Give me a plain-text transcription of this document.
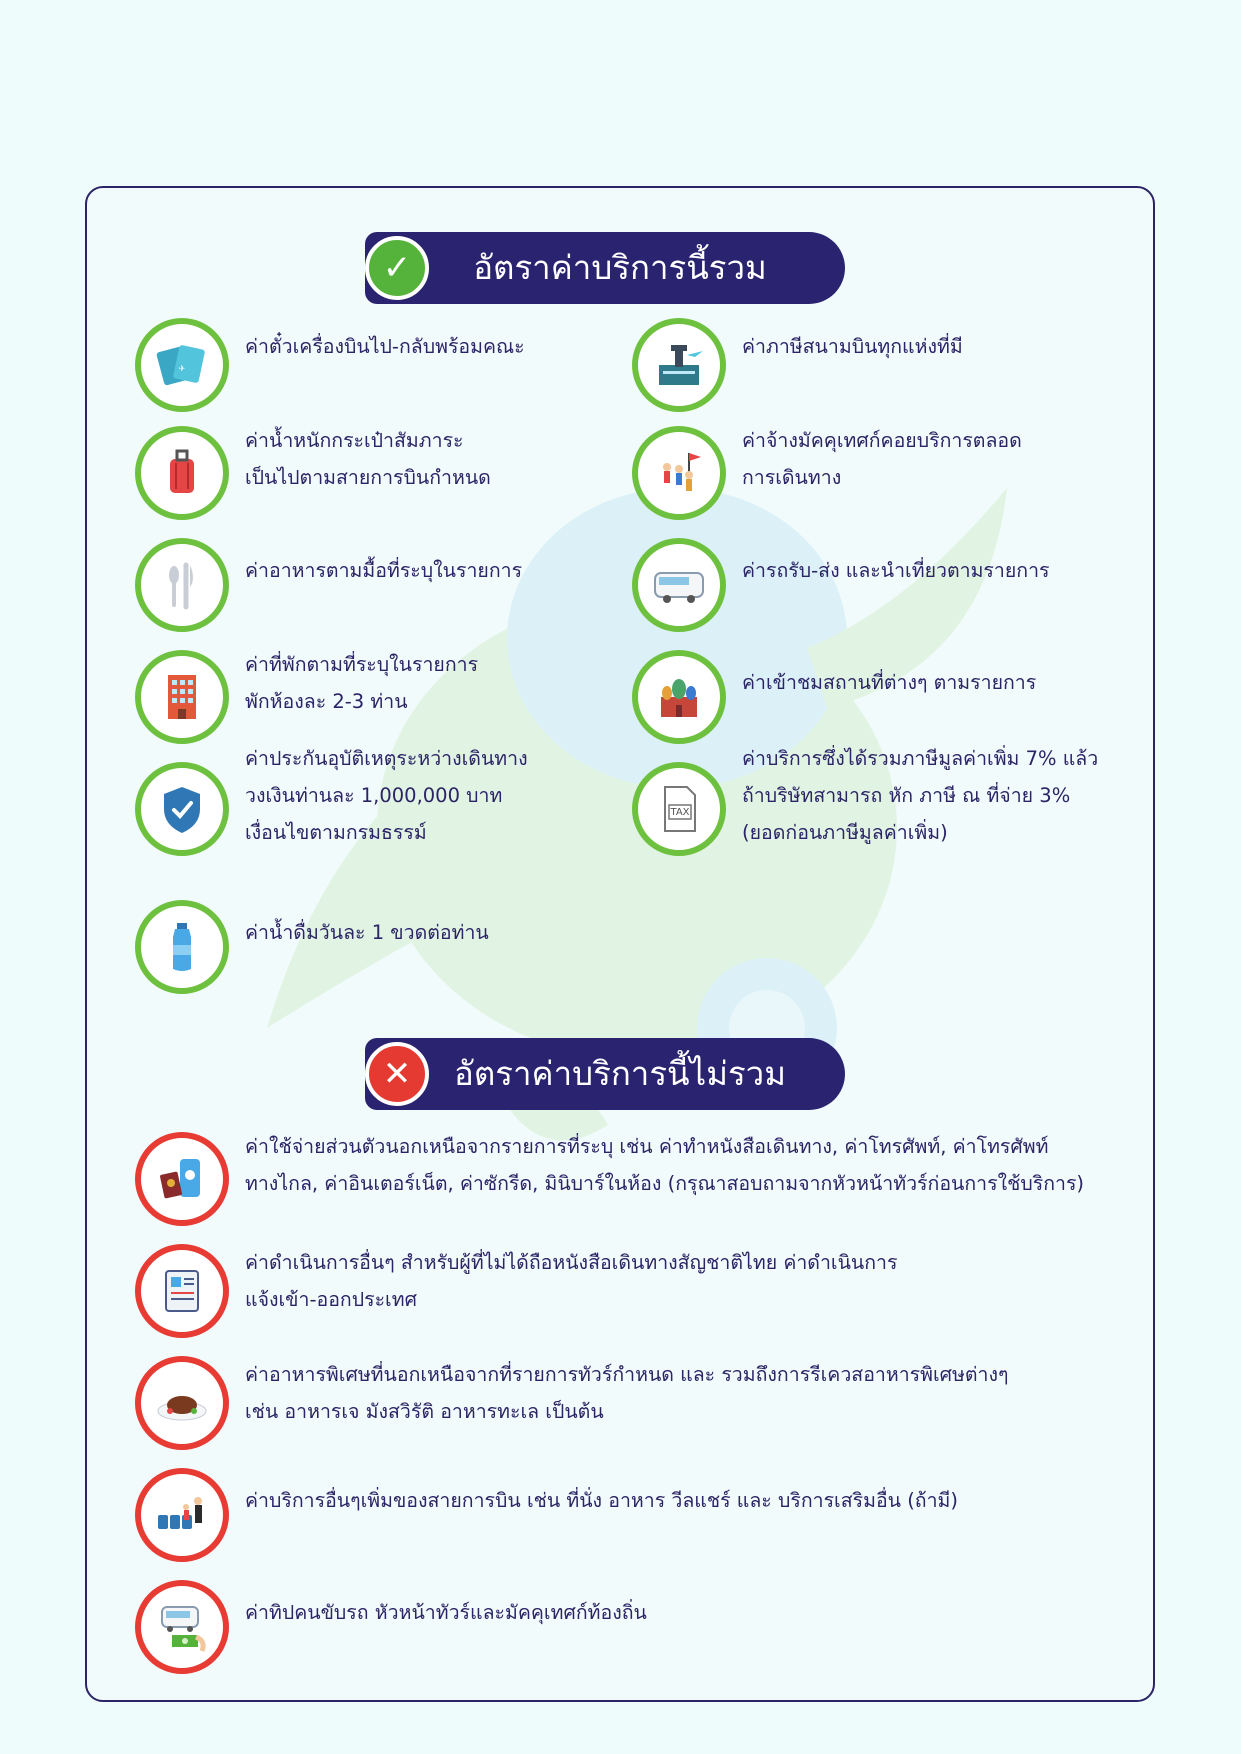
อัตราค่าบริการนี้รวม
✓
✈
ค่าตั๋วเครื่องบินไป-กลับพร้อมคณะ	ค่าภาษีสนามบินทุกแห่งที่มี
ค่าน้ำหนักกระเป๋าสัมภาระ
เป็นไปตามสายการบินกำหนด
ค่าจ้างมัคคุเทศก์คอยบริการตลอด
การเดินทาง
ค่าอาหารตามมื้อที่ระบุในรายการ	ค่ารถรับ-ส่ง และนำเที่ยวตามรายการ
ค่าที่พักตามที่ระบุในรายการ
พักห้องละ 2-3 ท่าน
ค่าเข้าชมสถานที่ต่างๆ ตามรายการ
ค่าประกันอุบัติเหตุระหว่างเดินทาง
วงเงินท่านละ 1,000,000 บาท
เงื่อนไขตามกรมธรรม์
TAX
ค่าบริการซึ่งได้รวมภาษีมูลค่าเพิ่ม 7% แล้ว
ถ้าบริษัทสามารถ หัก ภาษี ณ ที่จ่าย 3%
(ยอดก่อนภาษีมูลค่าเพิ่ม)
ค่าน้ำดื่มวันละ 1 ขวดต่อท่าน
อัตราค่าบริการนี้ไม่รวม
✕
ค่าใช้จ่ายส่วนตัวนอกเหนือจากรายการที่ระบุ เช่น ค่าทำหนังสือเดินทาง, ค่าโทรศัพท์, ค่าโทรศัพท์
ทางไกล, ค่าอินเตอร์เน็ต, ค่าซักรีด, มินิบาร์ในห้อง (กรุณาสอบถามจากหัวหน้าทัวร์ก่อนการใช้บริการ)
ค่าดำเนินการอื่นๆ สำหรับผู้ที่ไม่ได้ถือหนังสือเดินทางสัญชาติไทย ค่าดำเนินการ
แจ้งเข้า-ออกประเทศ
ค่าอาหารพิเศษที่นอกเหนือจากที่รายการทัวร์กำหนด และ รวมถึงการรีเควสอาหารพิเศษต่างๆ
เช่น อาหารเจ มังสวิรัติ อาหารทะเล เป็นต้น
ค่าบริการอื่นๆเพิ่มของสายการบิน เช่น ที่นั่ง อาหาร วีลแชร์ และ บริการเสริมอื่น (ถ้ามี)
ค่าทิปคนขับรถ หัวหน้าทัวร์และมัคคุเทศก์ท้องถิ่น
